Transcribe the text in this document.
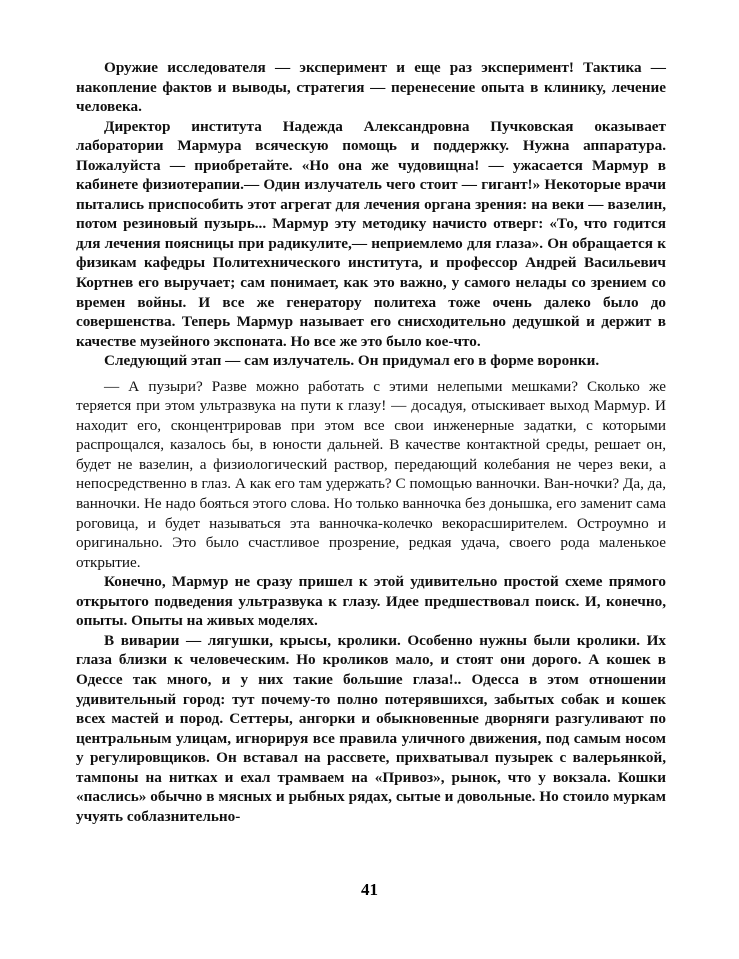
Оружие исследователя — эксперимент и еще раз эксперимент! Тактика — накопление фактов и выводы, стратегия — перенесение опыта в клинику, лечение человека.

Директор института Надежда Александровна Пучковская оказывает лаборатории Мармура всяческую помощь и поддержку. Нужна аппаратура. Пожалуйста — приобретайте. «Но она же чудовищна! — ужасается Мармур в кабинете физиотерапии.— Один излучатель чего стоит — гигант!» Некоторые врачи пытались приспособить этот агрегат для лечения органа зрения: на веки — вазелин, потом резиновый пузырь... Мармур эту методику начисто отверг: «То, что годится для лечения поясницы при радикулите,— неприемлемо для глаза». Он обращается к физикам кафедры Политехнического института, и профессор Андрей Васильевич Кортнев его выручает; сам понимает, как это важно, у самого нелады со зрением со времен войны. И все же генератору политеха тоже очень далеко было до совершенства. Теперь Мармур называет его снисходительно дедушкой и держит в качестве музейного экспоната. Но все же это было кое-что.

Следующий этап — сам излучатель. Он придумал его в форме воронки.

— А пузыри? Разве можно работать с этими нелепыми мешками? Сколько же теряется при этом ультразвука на пути к глазу! — досадуя, отыскивает выход Мармур. И находит его, сконцентрировав при этом все свои инженерные задатки, с которыми распрощался, казалось бы, в юности дальней. В качестве контактной среды, решает он, будет не вазелин, а физиологический раствор, передающий колебания не через веки, а непосредственно в глаз. А как его там удержать? С помощью ванночки. Ван-ночки? Да, да, ванночки. Не надо бояться этого слова. Но только ванночка без донышка, его заменит сама роговица, и будет называться эта ванночка-колечко векорасширителем. Остроумно и оригинально. Это было счастливое прозрение, редкая удача, своего рода маленькое открытие.

Конечно, Мармур не сразу пришел к этой удивительно простой схеме прямого открытого подведения ультразвука к глазу. Идее предшествовал поиск. И, конечно, опыты. Опыты на живых моделях.

В виварии — лягушки, крысы, кролики. Особенно нужны были кролики. Их глаза близки к человеческим. Но кроликов мало, и стоят они дорого. А кошек в Одессе так много, и у них такие большие глаза!.. Одесса в этом отношении удивительный город: тут почему-то полно потерявшихся, забытых собак и кошек всех мастей и пород. Сеттеры, ангорки и обыкновенные дворняги разгуливают по центральным улицам, игнорируя все правила уличного движения, под самым носом у регулировщиков. Он вставал на рассвете, прихватывал пузырек с валерьянкой, тампоны на нитках и ехал трамваем на «Привоз», рынок, что у вокзала. Кошки «паслись» обычно в мясных и рыбных рядах, сытые и довольные. Но стоило муркам учуять соблазнительно-

41
